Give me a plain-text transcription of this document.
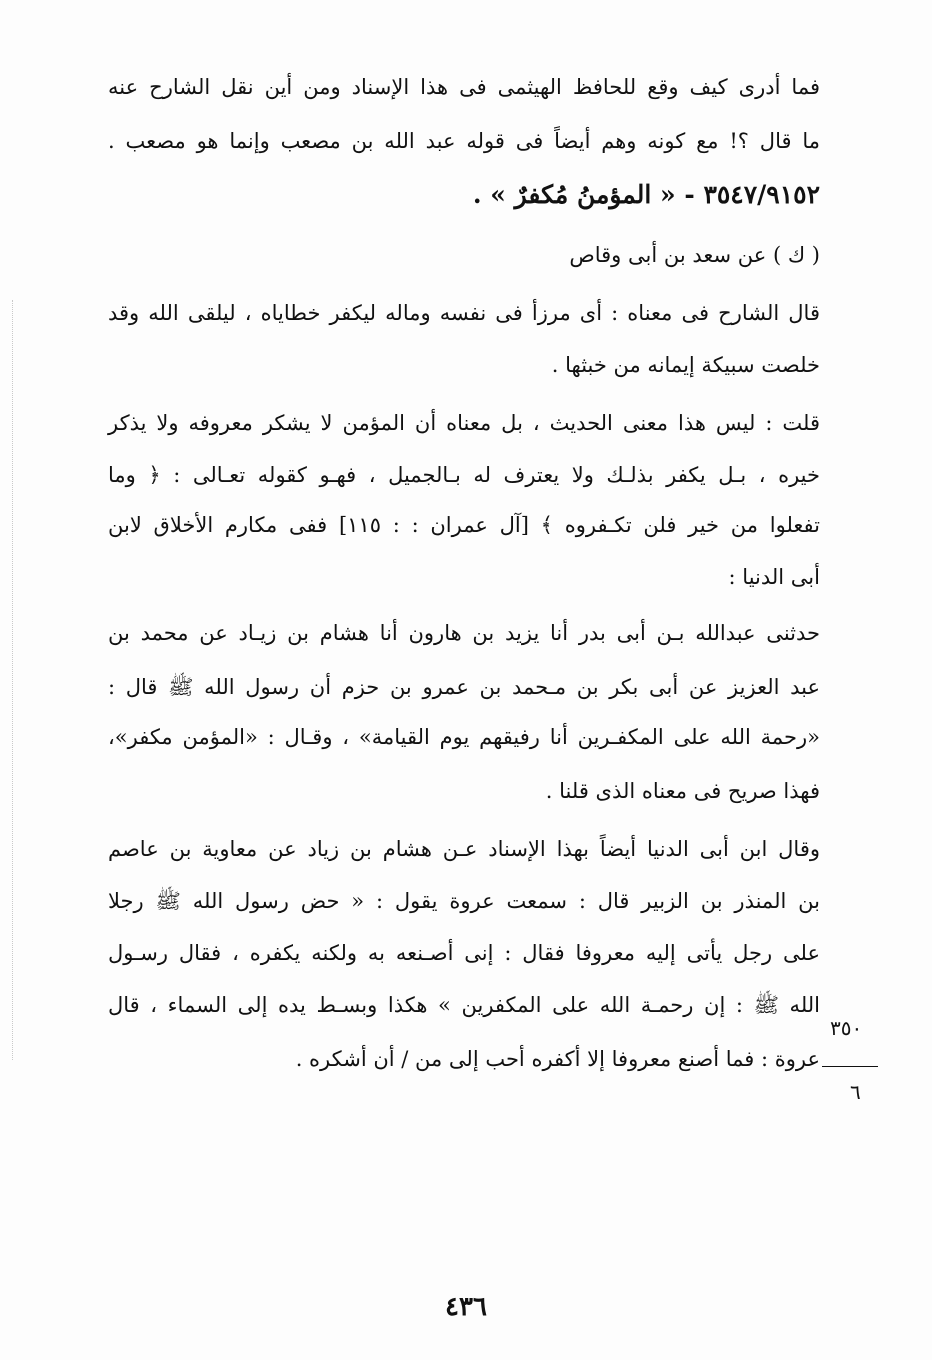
فما أدرى كيف وقع للحافظ الهيثمى فى هذا الإسناد ومن أين نقل الشارح عنه
ما قال ؟! مع كونه وهم أيضاً فى قوله عبد الله بن مصعب وإنما هو مصعب .
٣٥٤٧/٩١٥٢ - « المؤمنُ مُكفرٌ » .
( ك ) عن سعد بن أبى وقاص
قال الشارح فى معناه : أى مرزأ فى نفسه وماله ليكفر خطاياه ، ليلقى الله وقد
خلصت سبيكة إيمانه من خبثها .
قلت : ليس هذا معنى الحديث ، بل معناه أن المؤمن لا يشكر معروفه ولا يذكر
خيره ، بـل يكفر بذلـك ولا يعترف له بـالجميل ، فهـو كقوله تعـالى : ﴿ وما
تفعلوا من خير فلن تكـفروه ﴾ [آل عمران : : ١١٥] ففى مكارم الأخلاق لابن
أبى الدنيا :
حدثنى عبدالله بـن أبى بدر أنا يزيد بن هارون أنا هشام بن زيـاد عن محمد بن
عبد العزيز عن أبى بكر بن مـحمد بن عمرو بن حزم أن رسول الله ﷺ قال :
«رحمة الله على المكفـرين أنا رفيقهم يوم القيامة» ، وقـال : «المؤمن مكفر»،
فهذا صريح فى معناه الذى قلنا .
وقال ابن أبى الدنيا أيضاً بهذا الإسناد عـن هشام بن زياد عن معاوية بن عاصم
بن المنذر بن الزبير قال : سمعت عروة يقول : « حض رسول الله ﷺ رجلا
على رجل يأتى إليه معروفا فقال : إنى أصـنعه به ولكنه يكفره ، فقال رسـول
الله ﷺ : إن رحمـة الله على المكفرين » هكذا وبسـط يده إلى السماء ، قال
عروة : فما أصنع معروفا إلا أكفره أحب إلى من / أن أشكره .
٣٥٠
٦
٤٣٦
